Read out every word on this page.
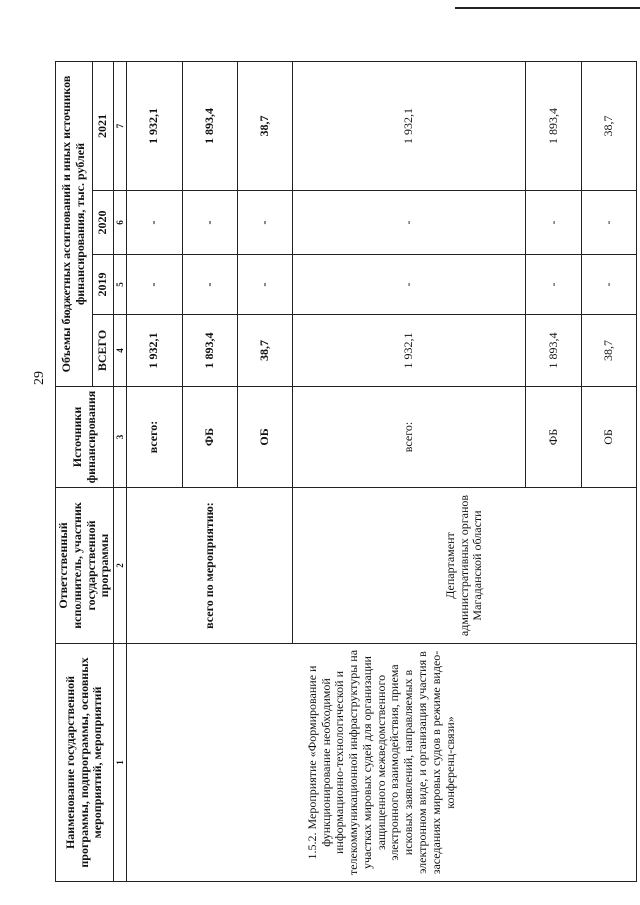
29
Наименование государственной программы, подпрограммы, основных мероприятий, мероприятий	Ответственный исполнитель, участник государственной программы	Источники финансирования	Объемы бюджетных ассигнований и иных источников финансирования, тыс. рублей			
			ВСЕГО	2019	2020	2021
1	2	3	4	5	6	7
1.5.2. Мероприятие «Формирование и функционирование необходимой информационно-технологической и телекоммуникационной инфраструктуры на участках мировых судей для организации защищенного межведомственного электронного взаимодействия, приема исковых заявлений, направляемых в электронном виде, и организация участия в заседаниях мировых судов в режиме видео-конференц-связи»	всего по мероприятию:	всего:	1 932,1	-	-	1 932,1
		ФБ	1 893,4	-	-	1 893,4
		ОБ	38,7	-	-	38,7
	Департамент административных органов Магаданской области	всего:	1 932,1	-	-	1 932,1
		ФБ	1 893,4	-	-	1 893,4
		ОБ	38,7	-	-	38,7
